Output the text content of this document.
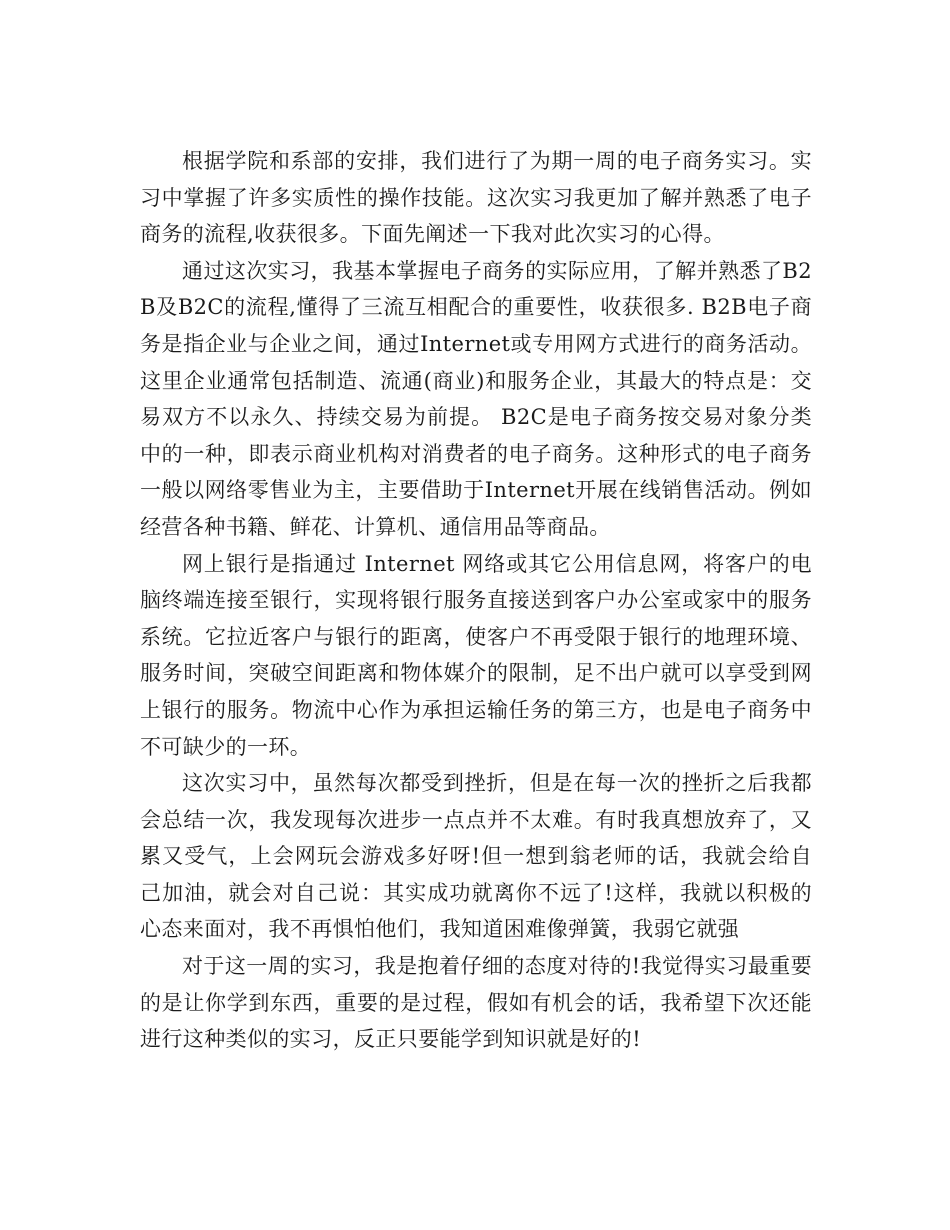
根据学院和系部的安排，我们进行了为期一周的电子商务实习。实习中掌握了许多实质性的操作技能。这次实习我更加了解并熟悉了电子商务的流程,收获很多。下面先阐述一下我对此次实习的心得。

通过这次实习，我基本掌握电子商务的实际应用，了解并熟悉了B2B及B2C的流程,懂得了三流互相配合的重要性，收获很多. B2B电子商务是指企业与企业之间，通过Internet或专用网方式进行的商务活动。这里企业通常包括制造、流通(商业)和服务企业，其最大的特点是：交易双方不以永久、持续交易为前提。 B2C是电子商务按交易对象分类中的一种，即表示商业机构对消费者的电子商务。这种形式的电子商务一般以网络零售业为主，主要借助于Internet开展在线销售活动。例如经营各种书籍、鲜花、计算机、通信用品等商品。

网上银行是指通过 Internet 网络或其它公用信息网，将客户的电脑终端连接至银行，实现将银行服务直接送到客户办公室或家中的服务系统。它拉近客户与银行的距离，使客户不再受限于银行的地理环境、服务时间，突破空间距离和物体媒介的限制，足不出户就可以享受到网上银行的服务。物流中心作为承担运输任务的第三方，也是电子商务中不可缺少的一环。

这次实习中，虽然每次都受到挫折，但是在每一次的挫折之后我都会总结一次，我发现每次进步一点点并不太难。有时我真想放弃了，又累又受气，上会网玩会游戏多好呀!但一想到翁老师的话，我就会给自己加油，就会对自己说：其实成功就离你不远了!这样，我就以积极的心态来面对，我不再惧怕他们，我知道困难像弹簧，我弱它就强

对于这一周的实习，我是抱着仔细的态度对待的!我觉得实习最重要的是让你学到东西，重要的是过程，假如有机会的话，我希望下次还能进行这种类似的实习，反正只要能学到知识就是好的!
